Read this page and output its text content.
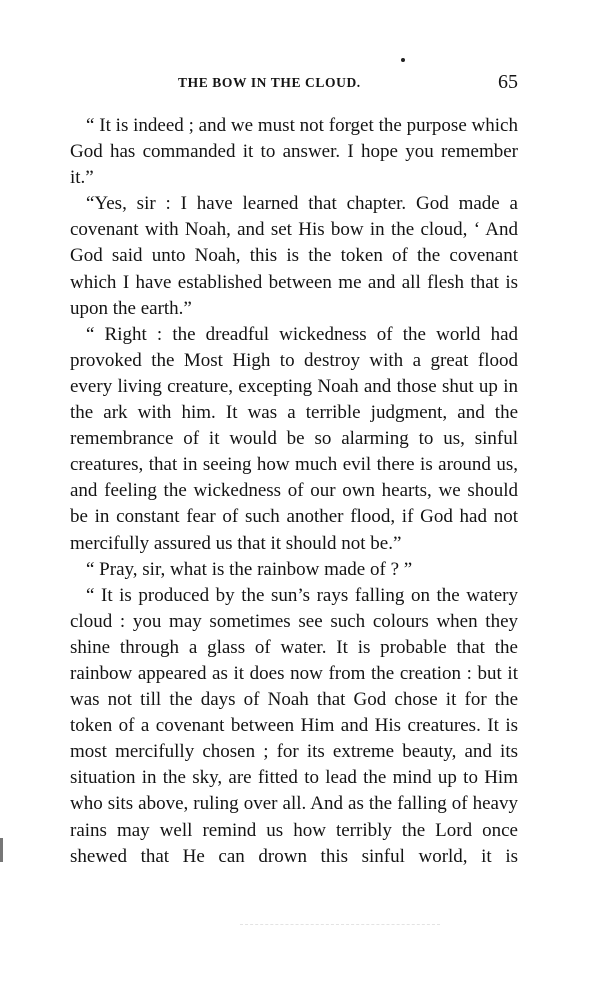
THE BOW IN THE CLOUD.	65

“ It is indeed ; and we must not forget the purpose which God has commanded it to answer. I hope you remember it.”

“Yes, sir : I have learned that chapter. God made a covenant with Noah, and set His bow in the cloud, ‘ And God said unto Noah, this is the token of the covenant which I have established between me and all flesh that is upon the earth.”

“ Right : the dreadful wickedness of the world had provoked the Most High to destroy with a great flood every living creature, excepting Noah and those shut up in the ark with him. It was a terrible judgment, and the remembrance of it would be so alarming to us, sinful creatures, that in seeing how much evil there is around us, and feeling the wickedness of our own hearts, we should be in constant fear of such another flood, if God had not mercifully assured us that it should not be.”

“ Pray, sir, what is the rainbow made of ? ”

“ It is produced by the sun’s rays falling on the watery cloud : you may sometimes see such colours when they shine through a glass of water. It is probable that the rainbow appeared as it does now from the creation : but it was not till the days of Noah that God chose it for the token of a covenant between Him and His creatures. It is most mercifully chosen ; for its extreme beauty, and its situation in the sky, are fitted to lead the mind up to Him who sits above, ruling over all. And as the falling of heavy rains may well remind us how terribly the Lord once shewed that He can drown this sinful world, it is
